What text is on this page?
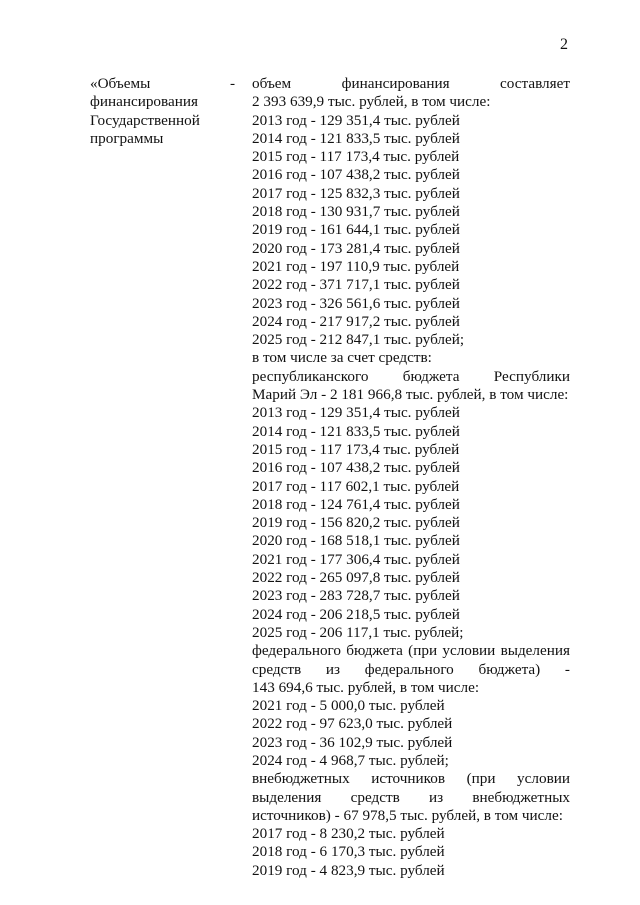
2
«Объемы	-
финансирования
Государственной
программы
объем финансирования составляет
2 393 639,9 тыс. рублей, в том числе:
2013 год - 129 351,4 тыс. рублей
2014 год - 121 833,5 тыс. рублей
2015 год - 117 173,4 тыс. рублей
2016 год - 107 438,2 тыс. рублей
2017 год - 125 832,3 тыс. рублей
2018 год - 130 931,7 тыс. рублей
2019 год - 161 644,1 тыс. рублей
2020 год - 173 281,4 тыс. рублей
2021 год - 197 110,9 тыс. рублей
2022 год - 371 717,1 тыс. рублей
2023 год - 326 561,6 тыс. рублей
2024 год - 217 917,2 тыс. рублей
2025 год - 212 847,1 тыс. рублей;
в том числе за счет средств:
республиканского бюджета Республики
Марий Эл - 2 181 966,8 тыс. рублей, в том числе:
2013 год - 129 351,4 тыс. рублей
2014 год - 121 833,5 тыс. рублей
2015 год - 117 173,4 тыс. рублей
2016 год - 107 438,2 тыс. рублей
2017 год - 117 602,1 тыс. рублей
2018 год - 124 761,4 тыс. рублей
2019 год - 156 820,2 тыс. рублей
2020 год - 168 518,1 тыс. рублей
2021 год - 177 306,4 тыс. рублей
2022 год - 265 097,8 тыс. рублей
2023 год - 283 728,7 тыс. рублей
2024 год - 206 218,5 тыс. рублей
2025 год - 206 117,1 тыс. рублей;
федерального бюджета (при условии выделения
средств из федерального бюджета) -
143 694,6 тыс. рублей, в том числе:
2021 год - 5 000,0 тыс. рублей
2022 год - 97 623,0 тыс. рублей
2023 год - 36 102,9 тыс. рублей
2024 год - 4 968,7 тыс. рублей;
внебюджетных источников (при условии
выделения средств из внебюджетных
источников) - 67 978,5 тыс. рублей, в том числе:
2017 год - 8 230,2 тыс. рублей
2018 год - 6 170,3 тыс. рублей
2019 год - 4 823,9 тыс. рублей
